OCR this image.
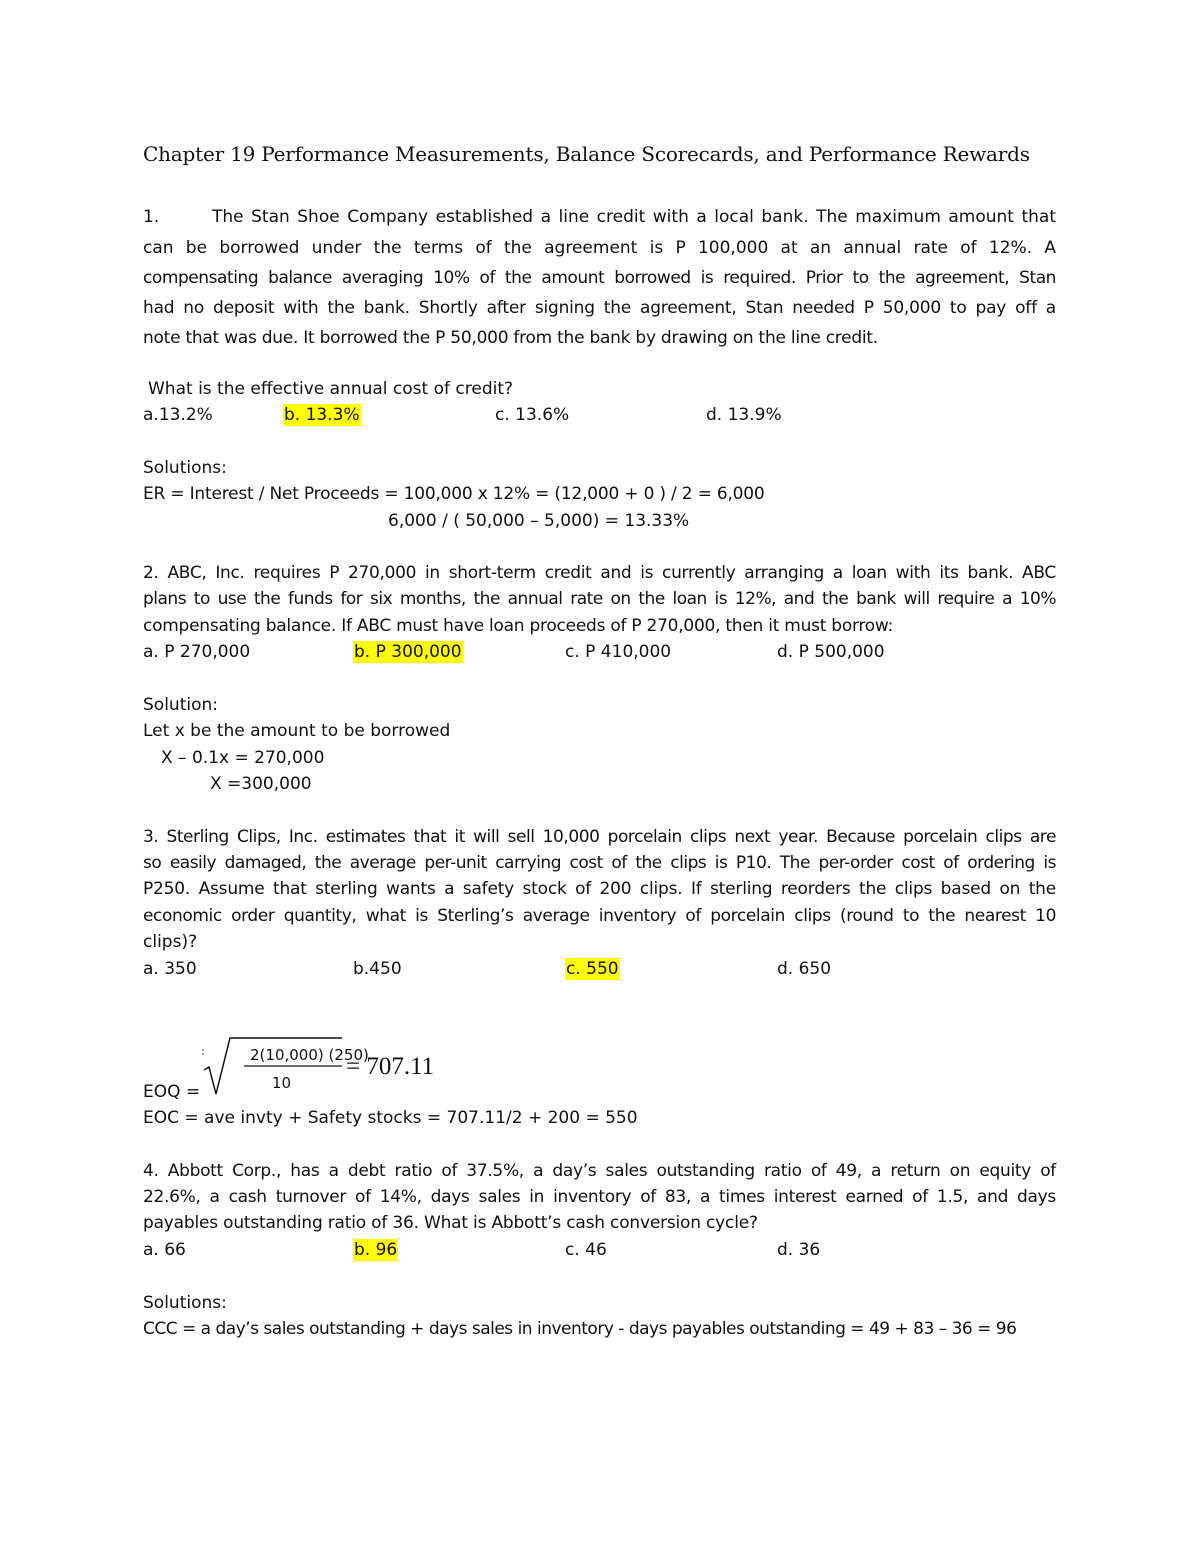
Chapter 19 Performance Measurements, Balance Scorecards, and Performance Rewards
1.	The Stan Shoe Company established a line credit with a local bank. The maximum amount that
can be borrowed under the terms of the agreement is P 100,000 at an annual rate of 12%. A
compensating balance averaging 10% of the amount borrowed is required. Prior to the agreement, Stan
had no deposit with the bank. Shortly after signing the agreement, Stan needed P 50,000 to pay off a
note that was due. It borrowed the P 50,000 from the bank by drawing on the line credit.
What is the effective annual cost of credit?
a.13.2%	b. 13.3%	c. 13.6%	d. 13.9%
Solutions:
ER = Interest / Net Proceeds = 100,000 x 12% = (12,000 + 0 ) / 2 = 6,000
6,000 / ( 50,000 – 5,000) = 13.33%
2. ABC, Inc. requires P 270,000 in short-term credit and is currently arranging a loan with its bank. ABC
plans to use the funds for six months, the annual rate on the loan is 12%, and the bank will require a 10%
compensating balance. If ABC must have loan proceeds of P 270,000, then it must borrow:
a. P 270,000	b. P 300,000	c. P 410,000	d. P 500,000
Solution:
Let x be the amount to be borrowed
X – 0.1x = 270,000
X =300,000
3. Sterling Clips, Inc. estimates that it will sell 10,000 porcelain clips next year. Because porcelain clips are
so easily damaged, the average per-unit carrying cost of the clips is P10. The per-order cost of ordering is
P250. Assume that sterling wants a safety stock of 200 clips. If sterling reorders the clips based on the
economic order quantity, what is Sterling’s average inventory of porcelain clips (round to the nearest 10
clips)?
a. 350	b.450	c. 550	d. 650
2(10,000) (250)
10
= 707.11
EOQ =
EOC = ave invty + Safety stocks = 707.11/2 + 200 = 550
4. Abbott Corp., has a debt ratio of 37.5%, a day’s sales outstanding ratio of 49, a return on equity of
22.6%, a cash turnover of 14%, days sales in inventory of 83, a times interest earned of 1.5, and days
payables outstanding ratio of 36. What is Abbott’s cash conversion cycle?
a. 66	b. 96	c. 46	d. 36
Solutions:
CCC = a day’s sales outstanding + days sales in inventory - days payables outstanding = 49 + 83 – 36 = 96
